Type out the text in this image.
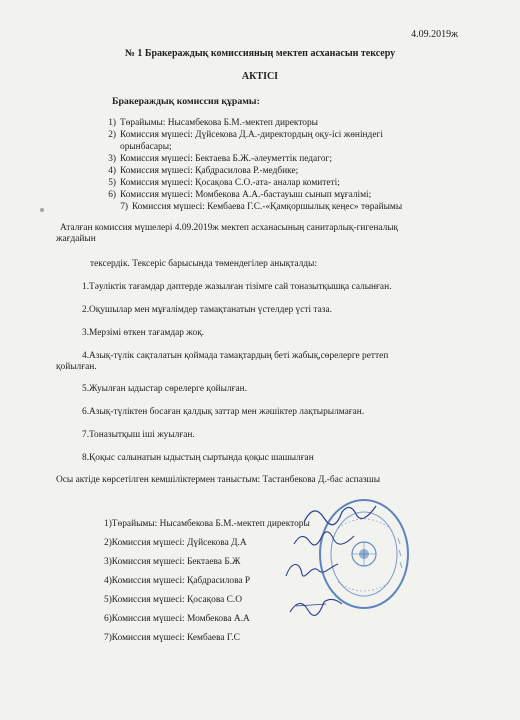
4.09.2019ж
№ 1 Бракераждық комиссияның мектеп асханасын тексеру
АКТІСІ
Бракераждық комиссия құрамы:
1) Төрайымы: Нысамбекова Б.М.-мектеп директоры
2) Комиссия мүшесі: Дүйсекова Д.А.-директордың оқу-ісі жөніндегі
орынбасары;
3) Комиссия мүшесі: Бектаева Б.Ж.-әлеуметтік педагог;
4) Комиссия мүшесі: Қабдрасилова Р.-медбике;
5) Комиссия мүшесі: Қосақова С.О.-ата- аналар комитеті;
6) Комиссия мүшесі: Момбекова А.А.-бастауыш сынып мұғалімі;
7) Комиссия мүшесі: Кембаева Г.С.-«Қамқоршылық кеңес» төрайымы
Аталған комиссия мүшелері 4.09.2019ж мектеп асханасының санитарлық-гигеналық
жағдайын
тексердік. Тексеріс барысында төмендегілер анықталды:
1.Тәуліктік тағамдар дәптерде жазылған тізімге сай тоназытқышқа салынған.
2.Оқушылар мен мұғалімдер тамақтанатын үстелдер үсті таза.
3.Мерзімі өткен тағамдар жоқ.
4.Азық-түлік сақталатын қоймада тамақтардың беті жабық,сөрелерге реттеп
қойылған.
5.Жуылған ыдыстар сөрелерге қойылған.
6.Азық-түліктен босаған қалдық заттар мен жәшіктер лақтырылмаған.
7.Тоназытқыш іші жуылған.
8.Қоқыс салынатын ыдыстың сыртында қоқыс шашылған
Осы актіде көрсетілген кемшіліктермен таныстым: Тастанбекова Д.-бас аспазшы
1)Төрайымы: Нысамбекова Б.М.-мектеп директоры
2)Комиссия мүшесі: Дүйсекова Д.А
3)Комиссия мүшесі: Бектаева Б.Ж
4)Комиссия мүшесі: Қабдрасилова Р
5)Комиссия мүшесі: Қосақова С.О
6)Комиссия мүшесі: Момбекова А.А
7)Комиссия мүшесі: Кембаева Г.С
